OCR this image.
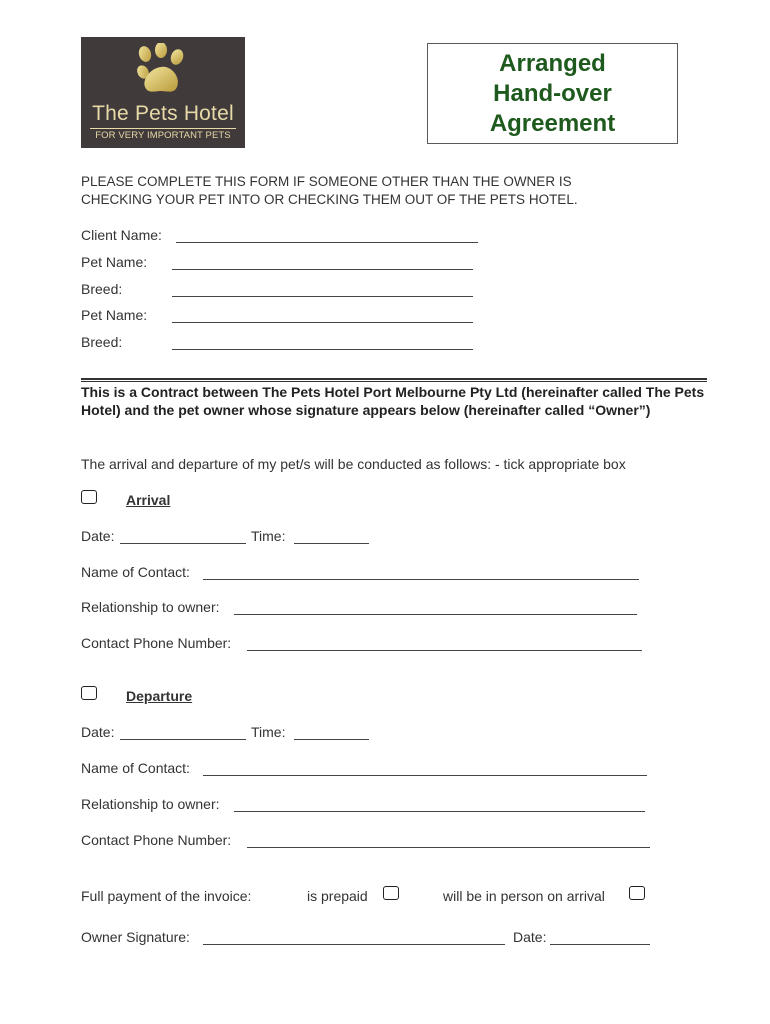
The Pets Hotel
FOR VERY IMPORTANT PETS
Arranged
Hand-over
Agreement
PLEASE COMPLETE THIS FORM IF SOMEONE OTHER THAN THE OWNER IS
CHECKING YOUR PET INTO OR CHECKING THEM OUT OF THE PETS HOTEL.
Client Name:
Pet Name:
Breed:
Pet Name:
Breed:
This is a Contract between The Pets Hotel Port Melbourne Pty Ltd (hereinafter called The Pets Hotel) and the pet owner whose signature appears below (hereinafter called “Owner”)
The arrival and departure of my pet/s will be conducted as follows: - tick appropriate box
Arrival
Date:	Time:
Name of Contact:
Relationship to owner:
Contact Phone Number:
Departure
Date:	Time:
Name of Contact:
Relationship to owner:
Contact Phone Number:
Full payment of the invoice:	is prepaid	will be in person on arrival
Owner Signature:	Date:
